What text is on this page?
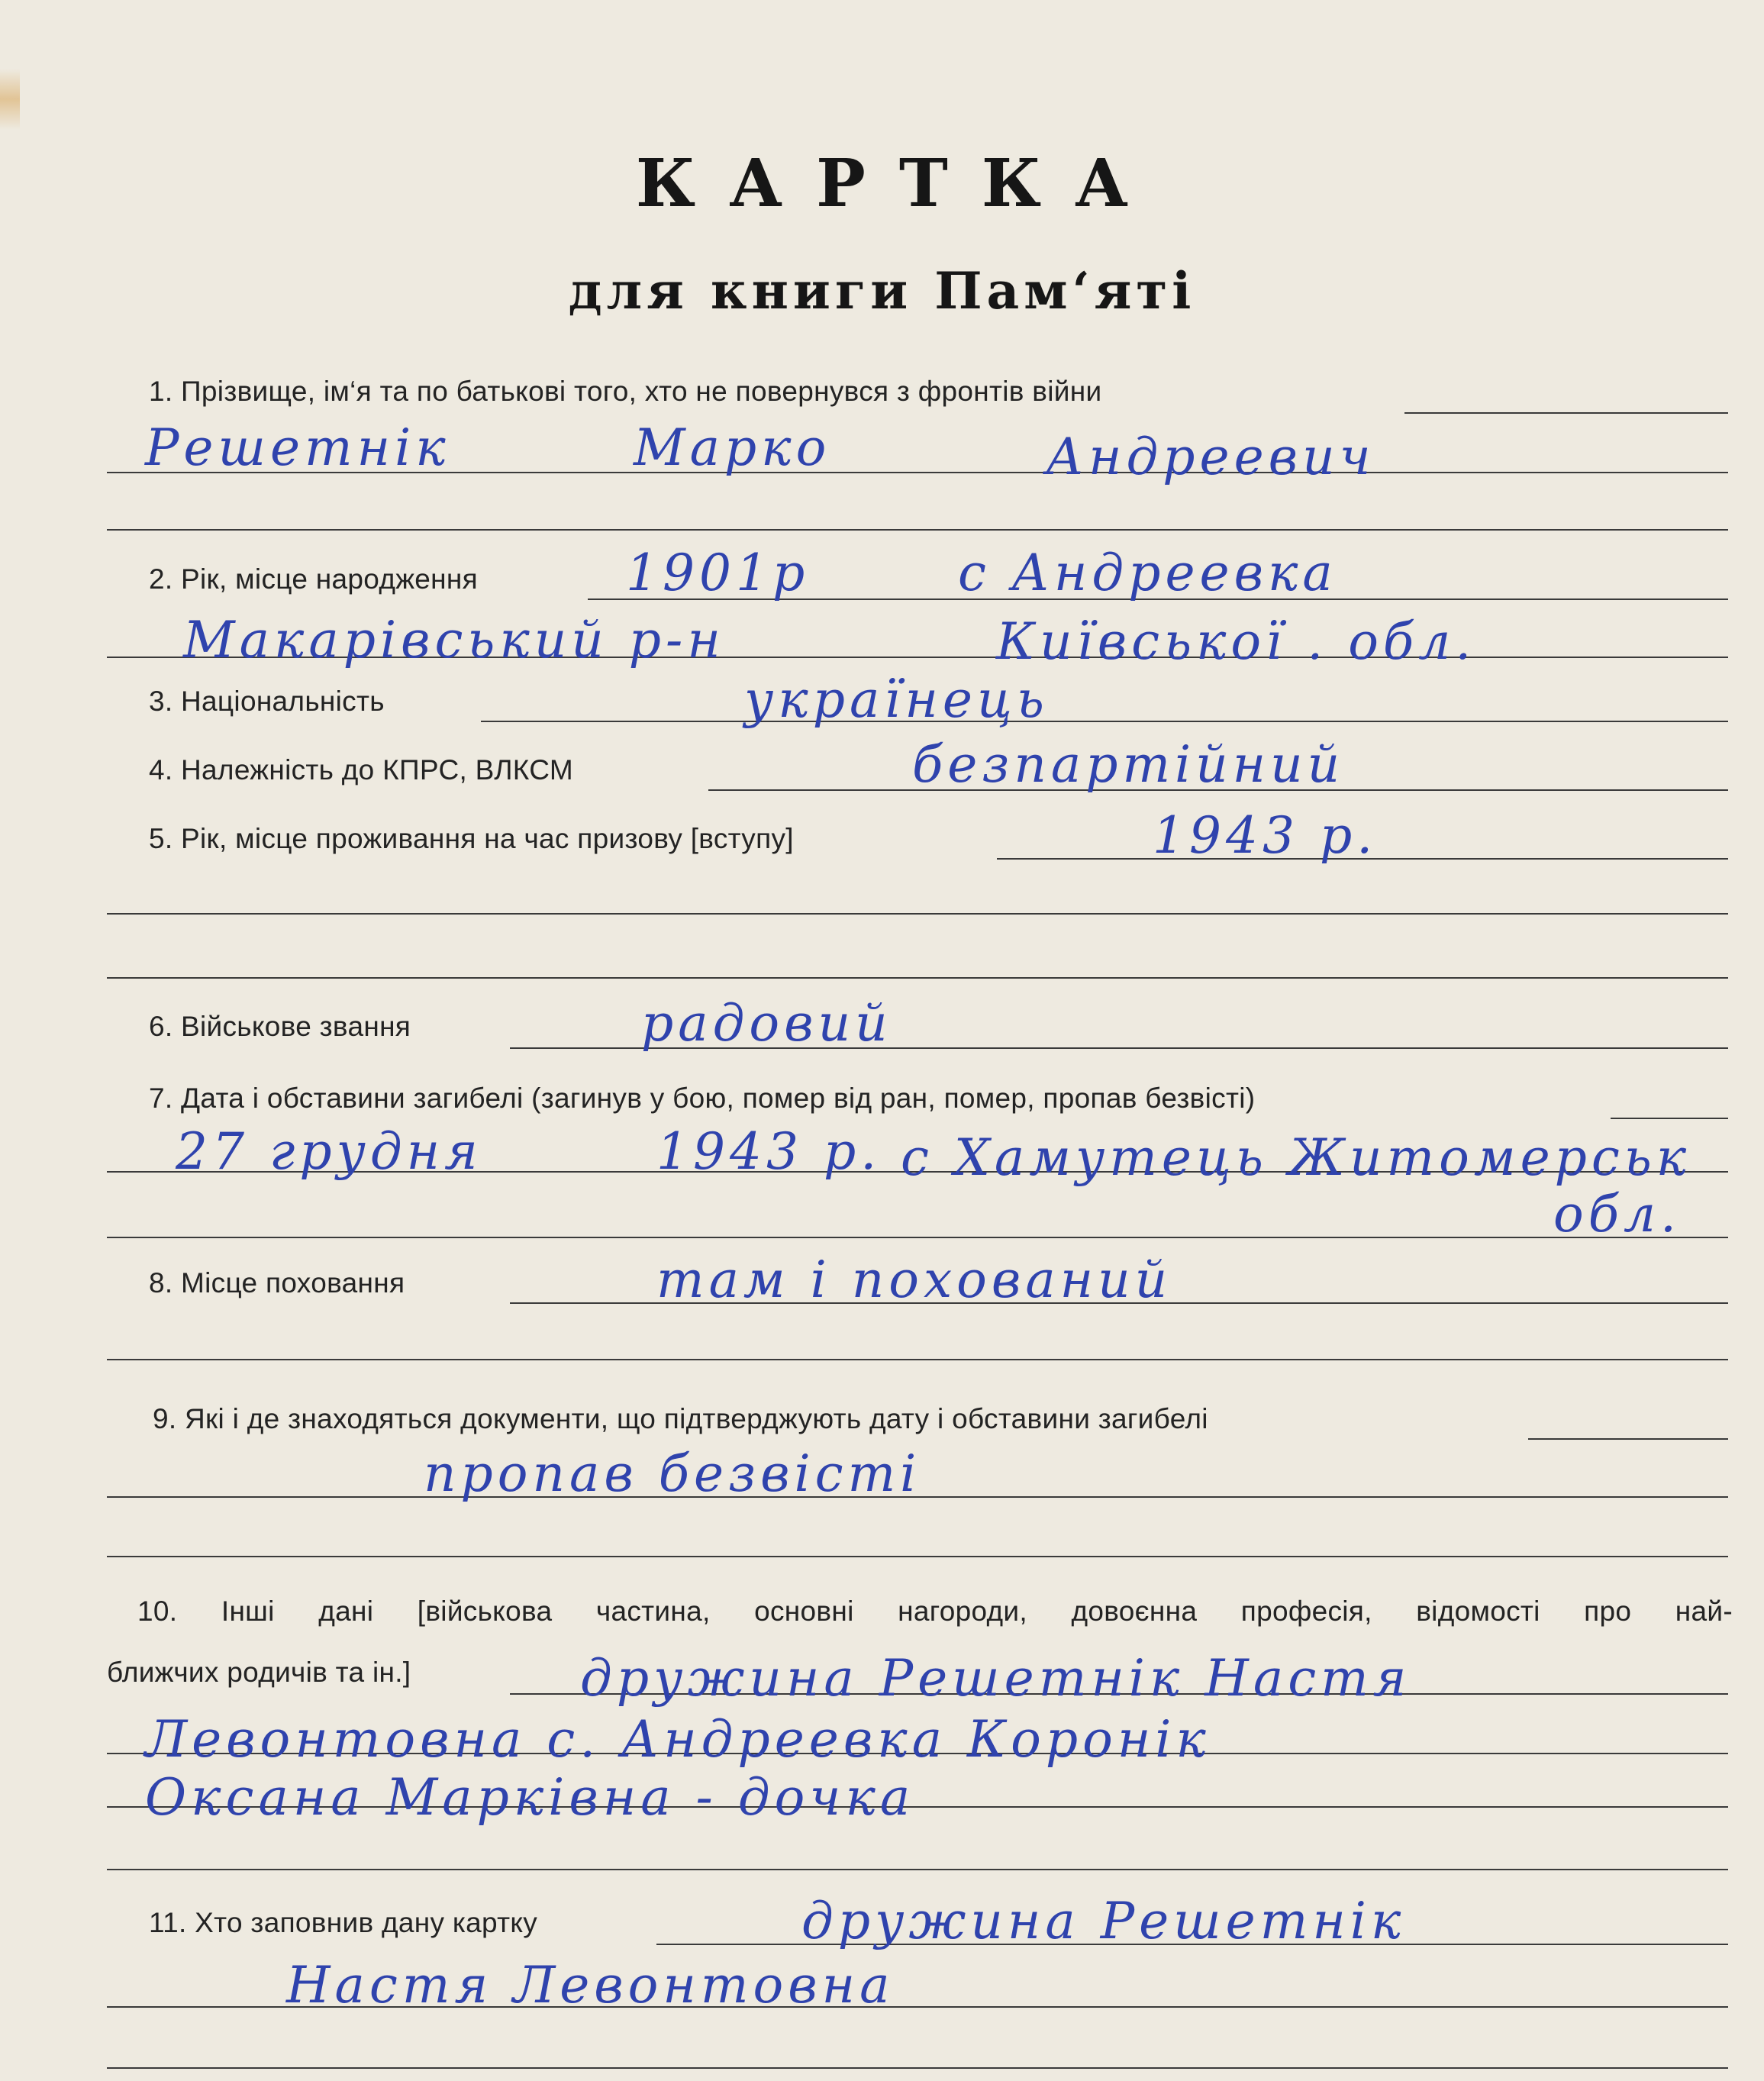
КАРТКА
для книги Пам‘яті
1. Прізвище, ім‘я та по батькові того, хто не повернувся з фронтів війни
Решетнік	Марко	Андреевич
2. Рік, місце народження	1901р	с Андреевка
Макарівський р-н	Київської . обл.
3. Національність	українець
4. Належність до КПРС, ВЛКСМ	безпартійний
5. Рік, місце проживання на час призову [вступу]	1943 р.
6. Військове звання	радовий
7. Дата і обставини загибелі (загинув у бою, помер від ран, помер, пропав безвісті)
27 грудня	1943 р. с Хамутець Житомерськ
обл.
8. Місце поховання	там і похований
9. Які і де знаходяться документи, що підтверджують дату і обставини загибелі
пропав безвісті
10. Інші дані [військова частина, основні нагороди, довоєнна професія, відомості про най-
ближчих родичів та ін.]	дружина Решетнік Настя
Левонтовна с. Андреевка Коронік
Оксана Марківна - дочка
11. Хто заповнив дану картку	дружина Решетнік
Настя Левонтовна
